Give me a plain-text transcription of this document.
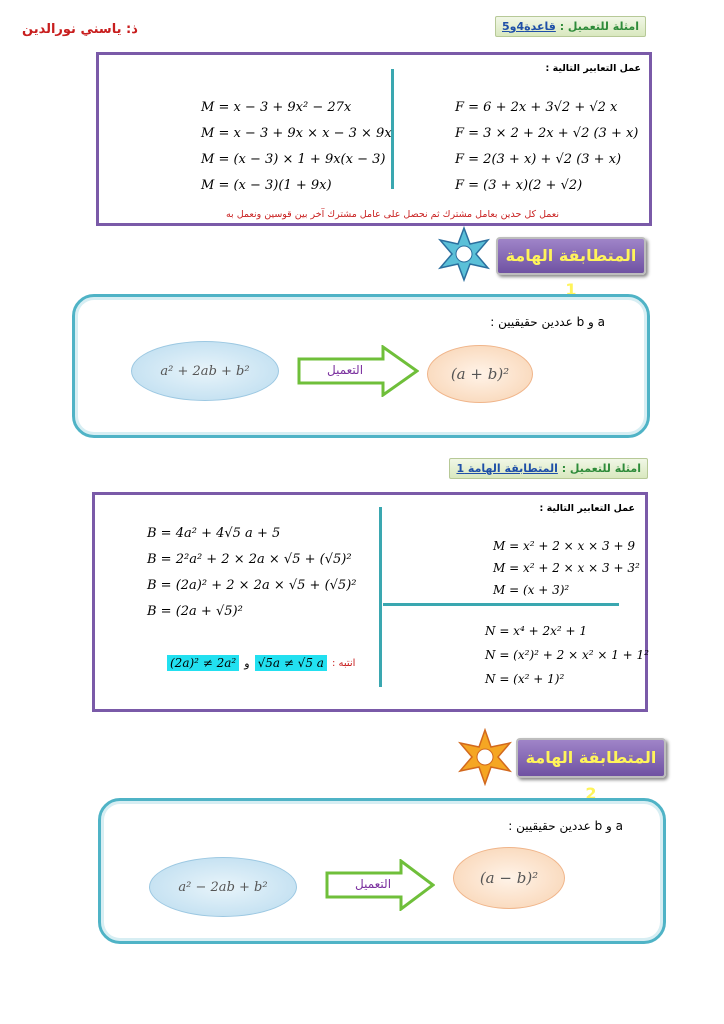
ذ: ياسني نورالدين	امثلة للتعميل : قاعدة4و5
عمل التعابير التالية :
F = 6 + 2x + 3√2 + √2 x
F = 3 × 2 + 2x + √2 (3 + x)
F = 2(3 + x) + √2 (3 + x)
F = (3 + x)(2 + √2)
M = x − 3 + 9x² − 27x
M = x − 3 + 9x × x − 3 × 9x
M = (x − 3) × 1 + 9x(x − 3)
M = (x − 3)(1 + 9x)
نعمل كل حدين بعامل مشترك ثم نحصل على عامل مشترك آخر بين قوسين ونعمل به
المتطابقة الهامة 1
a و b عددين حقيقيين :
a² + 2ab + b²	التعميل	(a + b)²
امثلة للتعميل : المتطابقة الهامة 1
عمل التعابير التالية :
B = 4a² + 4√5 a + 5
B = 2²a² + 2 × 2a × √5 + (√5)²
B = (2a)² + 2 × 2a × √5 + (√5)²
B = (2a + √5)²
M = x² + 2 × x × 3 + 9
M = x² + 2 × x × 3 + 3²
M = (x + 3)²
N = x⁴ + 2x² + 1
N = (x²)² + 2 × x² × 1 + 1²
N = (x² + 1)²
انتبه :
√5a ≠ √5 a
و
(2a)² ≠ 2a²
المتطابقة الهامة 2
a و b عددين حقيقيين :
a² − 2ab + b²	التعميل	(a − b)²
